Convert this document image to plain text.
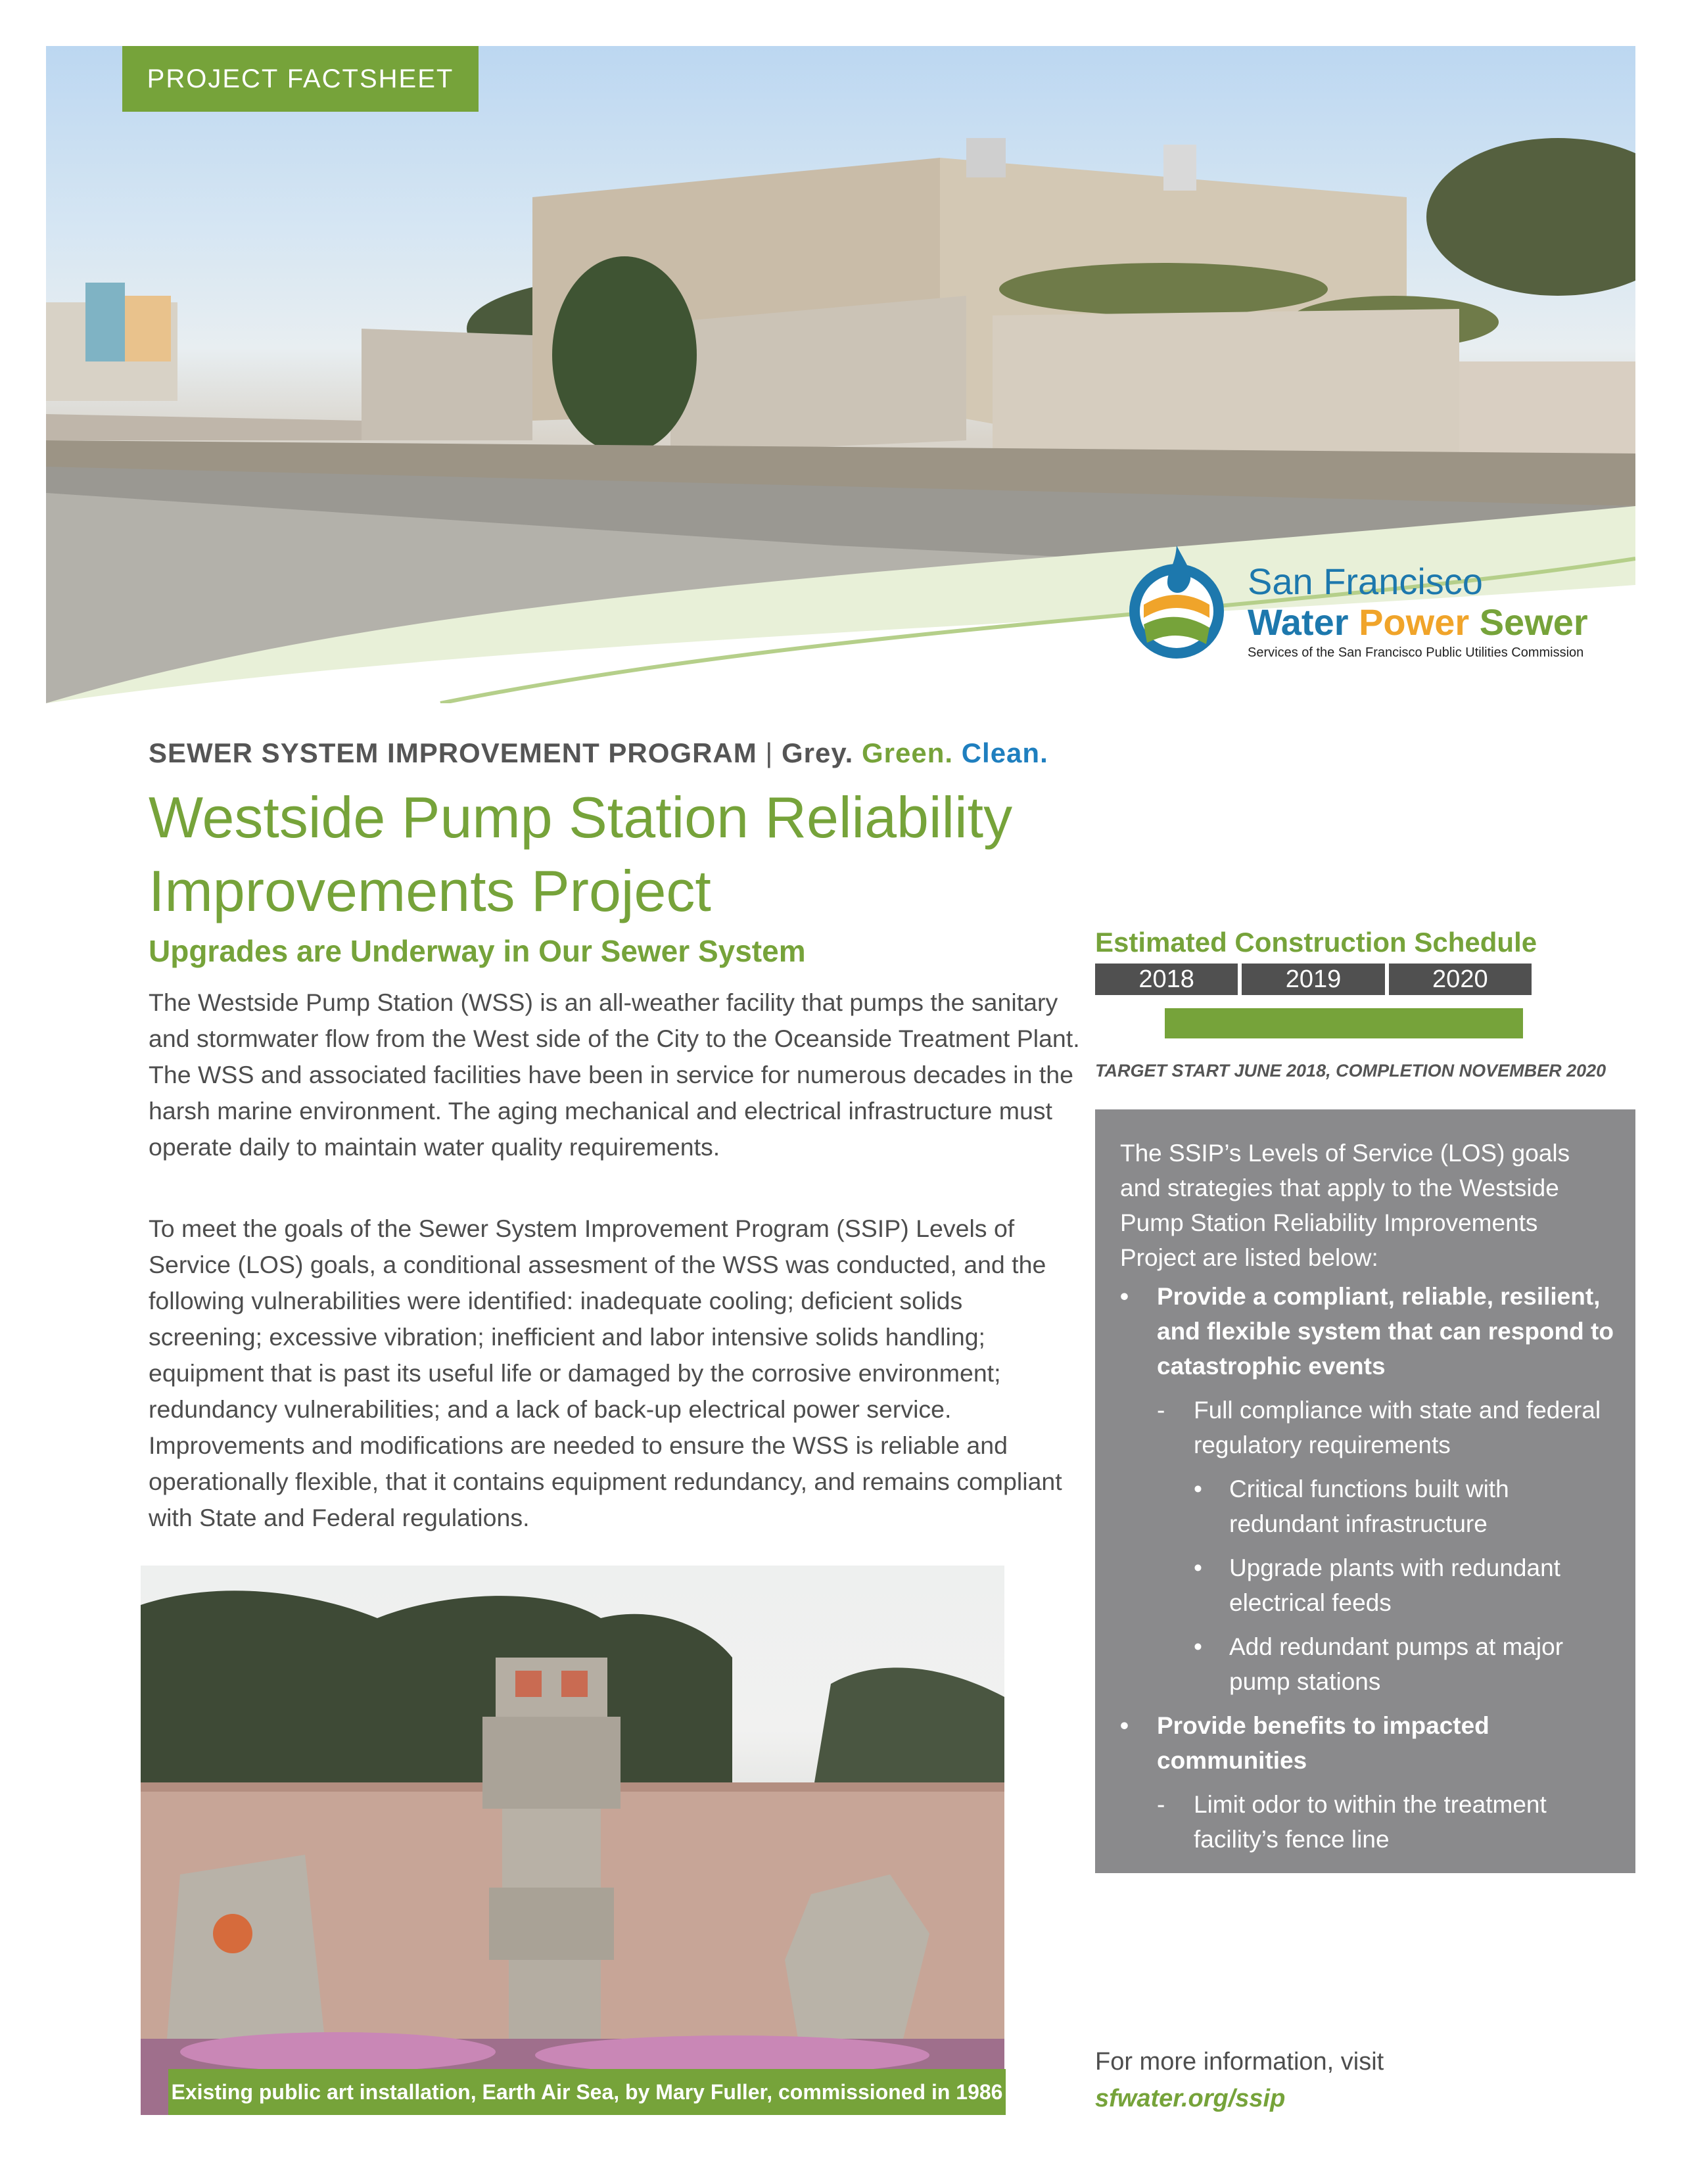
PROJECT FACTSHEET
San Francisco
Water Power Sewer
Services of the San Francisco Public Utilities Commission
SEWER SYSTEM IMPROVEMENT PROGRAM | Grey. Green. Clean.
Westside Pump Station Reliability Improvements Project
Upgrades are Underway in Our Sewer System
The Westside Pump Station (WSS) is an all-weather facility that pumps the sanitary and stormwater flow from the West side of the City to the Oceanside Treatment Plant. The WSS and associated facilities have been in service for numerous decades in the harsh marine environment. The aging mechanical and electrical infrastructure must operate daily to maintain water quality requirements.
To meet the goals of the Sewer System Improvement Program (SSIP) Levels of Service (LOS) goals, a conditional assesment of the WSS was conducted, and the following vulnerabilities were identified: inadequate cooling; deficient solids screening; excessive vibration; inefficient and labor intensive solids handling; equipment that is past its useful life or damaged by the corrosive environment; redundancy vulnerabilities; and a lack of back-up electrical power service. Improvements and modifications are needed to ensure the WSS is reliable and operationally flexible, that it contains equipment redundancy, and remains compliant with State and Federal regulations.
Estimated Construction Schedule
2018	2019	2020
TARGET START JUNE 2018, COMPLETION NOVEMBER 2020
The SSIP’s Levels of Service (LOS) goals and strategies that apply to the Westside Pump Station Reliability Improvements Project are listed below:
• Provide a compliant, reliable, resilient, and flexible system that can respond to catastrophic events
- Full compliance with state and federal regulatory requirements
• Critical functions built with redundant infrastructure
• Upgrade plants with redundant electrical feeds
• Add redundant pumps at major pump stations
• Provide benefits to impacted communities
- Limit odor to within the treatment facility’s fence line
Existing public art installation, Earth Air Sea, by Mary Fuller, commissioned in 1986
For more information, visit
sfwater.org/ssip
